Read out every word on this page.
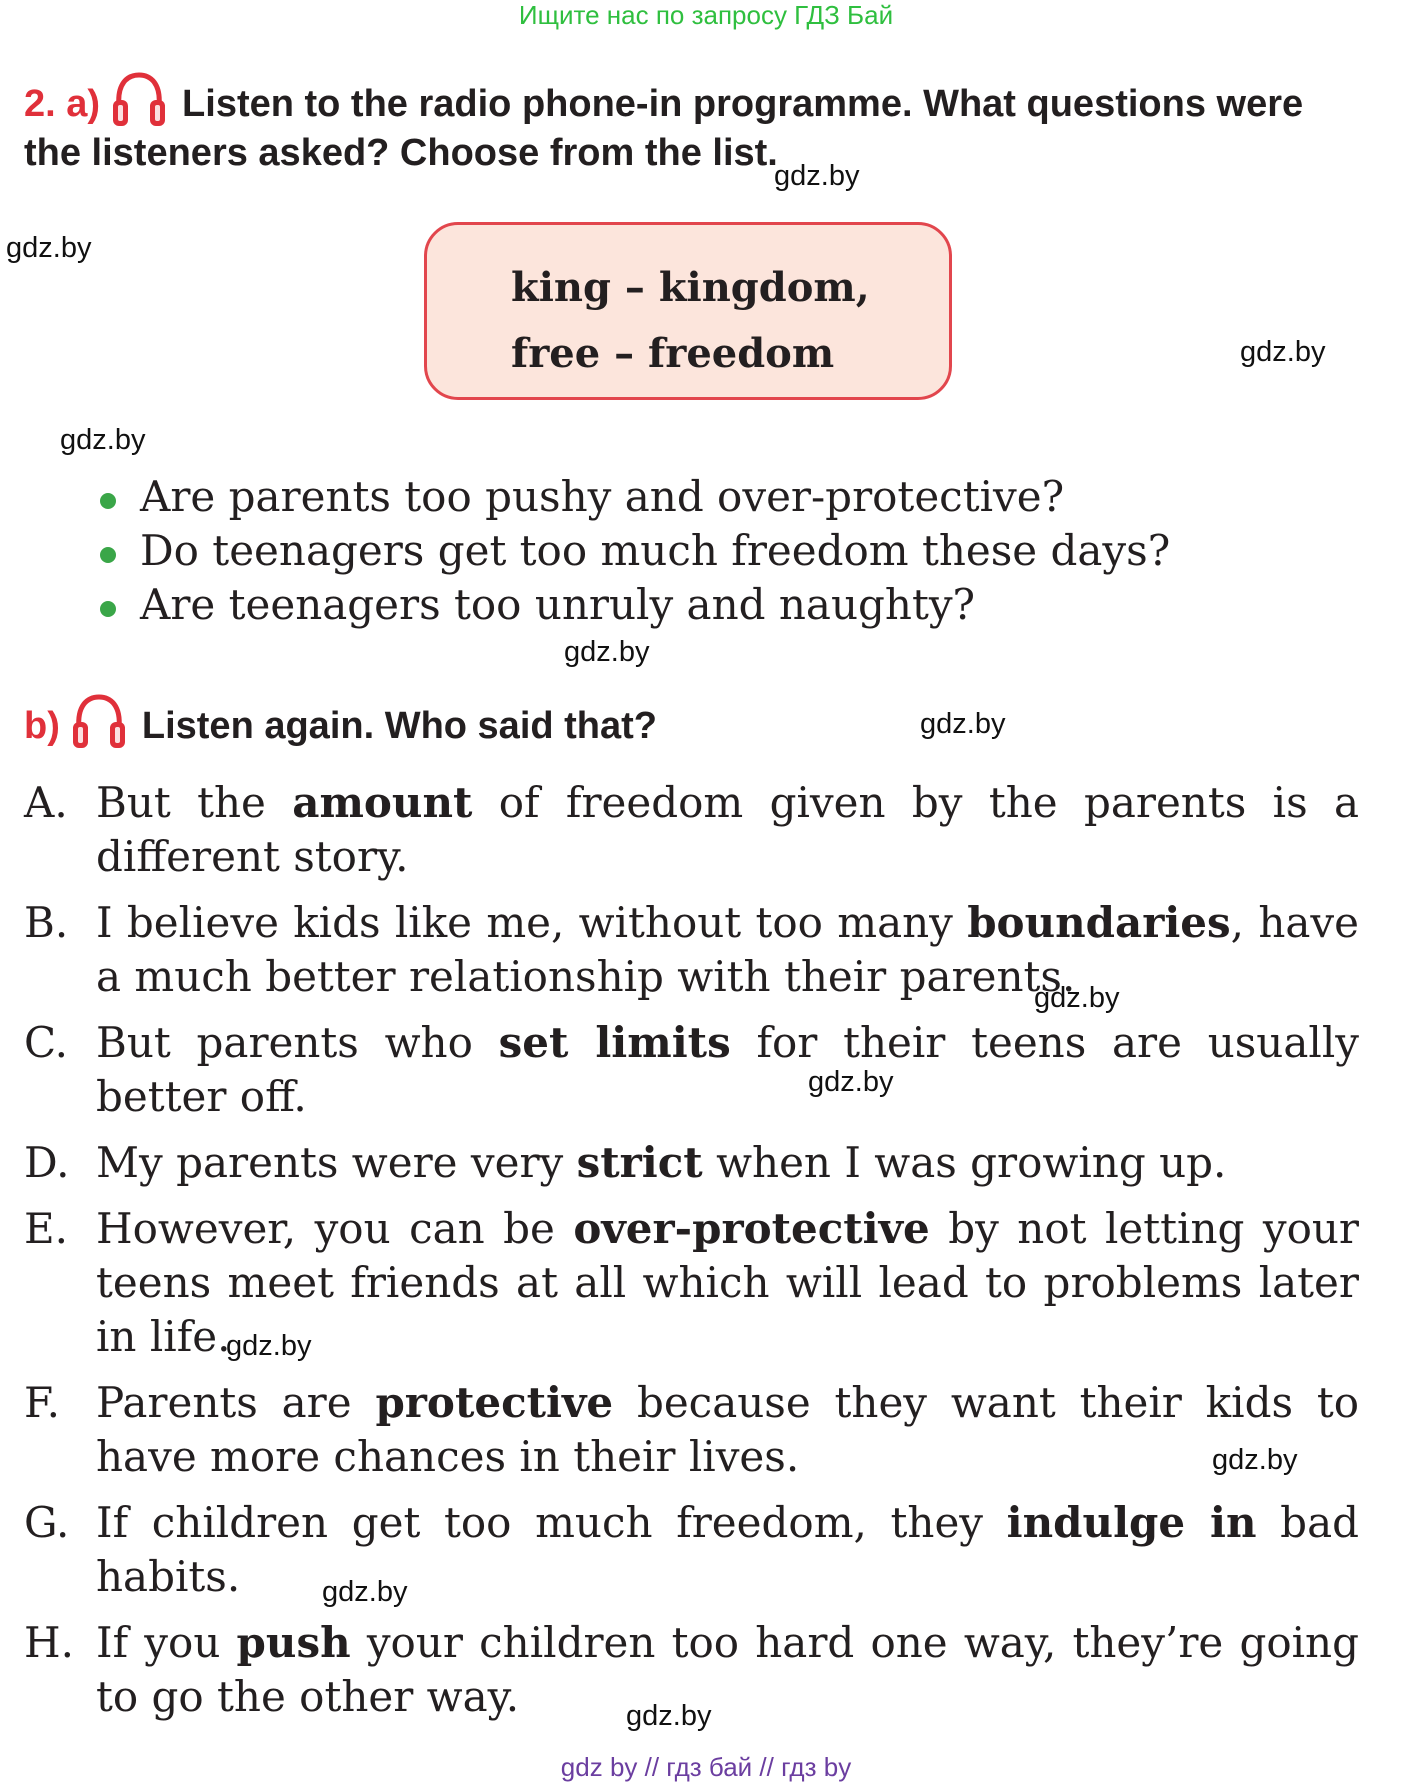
Ищите нас по запросу ГДЗ Бай
2. a) Listen to the radio phone-in programme. What questions were the listeners asked? Choose from the list.
king – kingdom,
free – freedom
Are parents too pushy and over-protective?
Do teenagers get too much freedom these days?
Are teenagers too unruly and naughty?
b) Listen again. Who said that?
A. But the amount of freedom given by the parents is a different story.
B. I believe kids like me, without too many boundaries, have a much better relationship with their parents.
C. But parents who set limits for their teens are usually better off.
D. My parents were very strict when I was growing up.
E. However, you can be over-protective by not letting your teens meet friends at all which will lead to problems later in life.
F. Parents are protective because they want their kids to have more chances in their lives.
G. If children get too much freedom, they indulge in bad habits.
H. If you push your children too hard one way, they’re going to go the other way.
gdz.by
gdz.by
gdz.by
gdz.by
gdz.by
gdz.by
gdz.by
gdz.by
gdz.by
gdz.by
gdz.by
gdz.by
gdz by // гдз бай // гдз by
